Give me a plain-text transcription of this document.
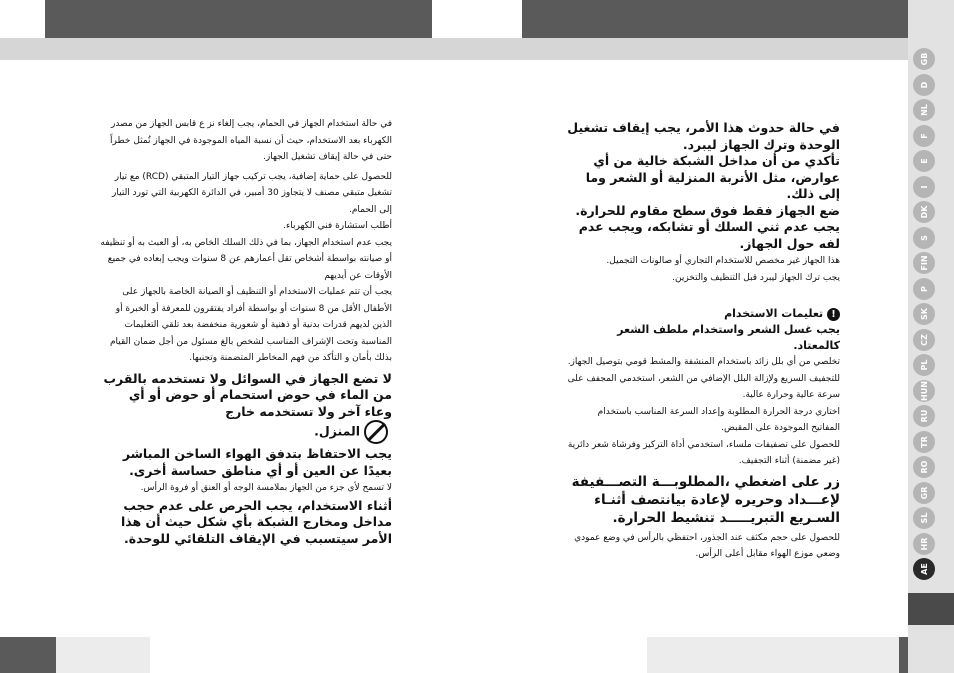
في حالة استخدام الجهاز في الحمام، يجب إلغاء نز ع قابس الجهاز من مصدر الكهرباء بعد الاستخدام، حيث أن نسبة المياه الموجودة في الجهاز تُمثل خطراً حتى في حالة إيقاف تشغيل الجهاز.

للحصول على حماية إضافية، يجب تركيب جهاز التيار المتبقي (RCD) مع تيار تشغيل متبقي مصنف لا يتجاوز 30 أمبير، في الدائرة الكهربية التي تورد التيار إلى الحمام.

أطلب استشارة فني الكهرباء.

يجب عدم استخدام الجهاز، بما في ذلك السلك الخاص به، أو العبث به أو تنظيفه أو صيانته بواسطة أشخاص تقل أعمارهم عن 8 سنوات ويجب إبعاده في جميع الأوقات عن أيديهم

يجب أن تتم عمليات الاستخدام أو التنظيف أو الصيانة الخاصة بالجهاز على الأطفال الأقل من 8 سنوات أو بواسطة أفراد يفتقرون للمعرفة أو الخبرة أو الذين لديهم قدرات بدنية أو ذهنية أو شعورية منخفضة بعد تلقي التعليمات المناسبة وتحت الإشراف المناسب لشخص بالغ مسئول من أجل ضمان القيام بذلك بأمان و التأكد من فهم المخاطر المتضمنة وتجنبها.

لا تضع الجهاز في السوائل ولا تستخدمه بالقرب من الماء في حوض استحمام أو حوض أو أي وعاء آخر ولا تستخدمه خارج

المنزل.

يجب الاحتفاظ بتدفق الهواء الساخن المباشر بعيدًا عن العين أو أي مناطق حساسة أخرى.

لا تسمح لأي جزء من الجهاز بملامسة الوجه أو العنق أو فروة الرأس.

أثناء الاستخدام، يجب الحرص على عدم حجب مداخل ومخارج الشبكة بأي شكل حيث أن هذا الأمر سيتسبب في الإيقاف التلقائي للوحدة.

في حالة حدوث هذا الأمر، يجب إيقاف تشغيل الوحدة وترك الجهاز ليبرد.

تأكدي من أن مداخل الشبكة خالية من أي عوارض، مثل الأتربة المنزلية أو الشعر وما إلى ذلك.

ضع الجهاز فقط فوق سطح مقاوم للحرارة.

يجب عدم ثني السلك أو تشابكه، ويجب عدم لفه حول الجهاز.

هذا الجهاز غير مخصص للاستخدام التجاري أو صالونات التجميل.

يجب ترك الجهاز ليبرد قبل التنظيف والتخزين.

! تعليمات الاستخدام

يجب غسل الشعر واستخدام ملطف الشعر كالمعتاد.

تخلصي من أي بلل زائد باستخدام المنشفة والمشط قومي بتوصيل الجهاز.

للتجفيف السريع ولإزالة البلل الإضافي من الشعر، استخدمي المجفف على سرعة عالية وحرارة عالية.

اختاري درجة الحرارة المطلوبة وإعداد السرعة المناسب باستخدام المفاتيح الموجودة على المقبض.

للحصول على تصفيفات ملساء، استخدمي أداة التركيز وفرشاة شعر دائرية (غير مضمنة) أثناء التجفيف.

زر على اضغطي ،المطلوبـــة التصـــفيفة لإعـــداد وحريره لإعادة بيانتصف أثنـاء السـريع التبريـــــد تنشيط الحرارة.

للحصول على حجم مكثف عند الجذور، احتفظي بالرأس في وضع عمودي وضعي موزع الهواء مقابل أعلى الرأس.

GB
D
NL
F
E
I
DK
S
FIN
P
SK
CZ
PL
HUN
RU
TR
RO
GR
SL
HR
AE
